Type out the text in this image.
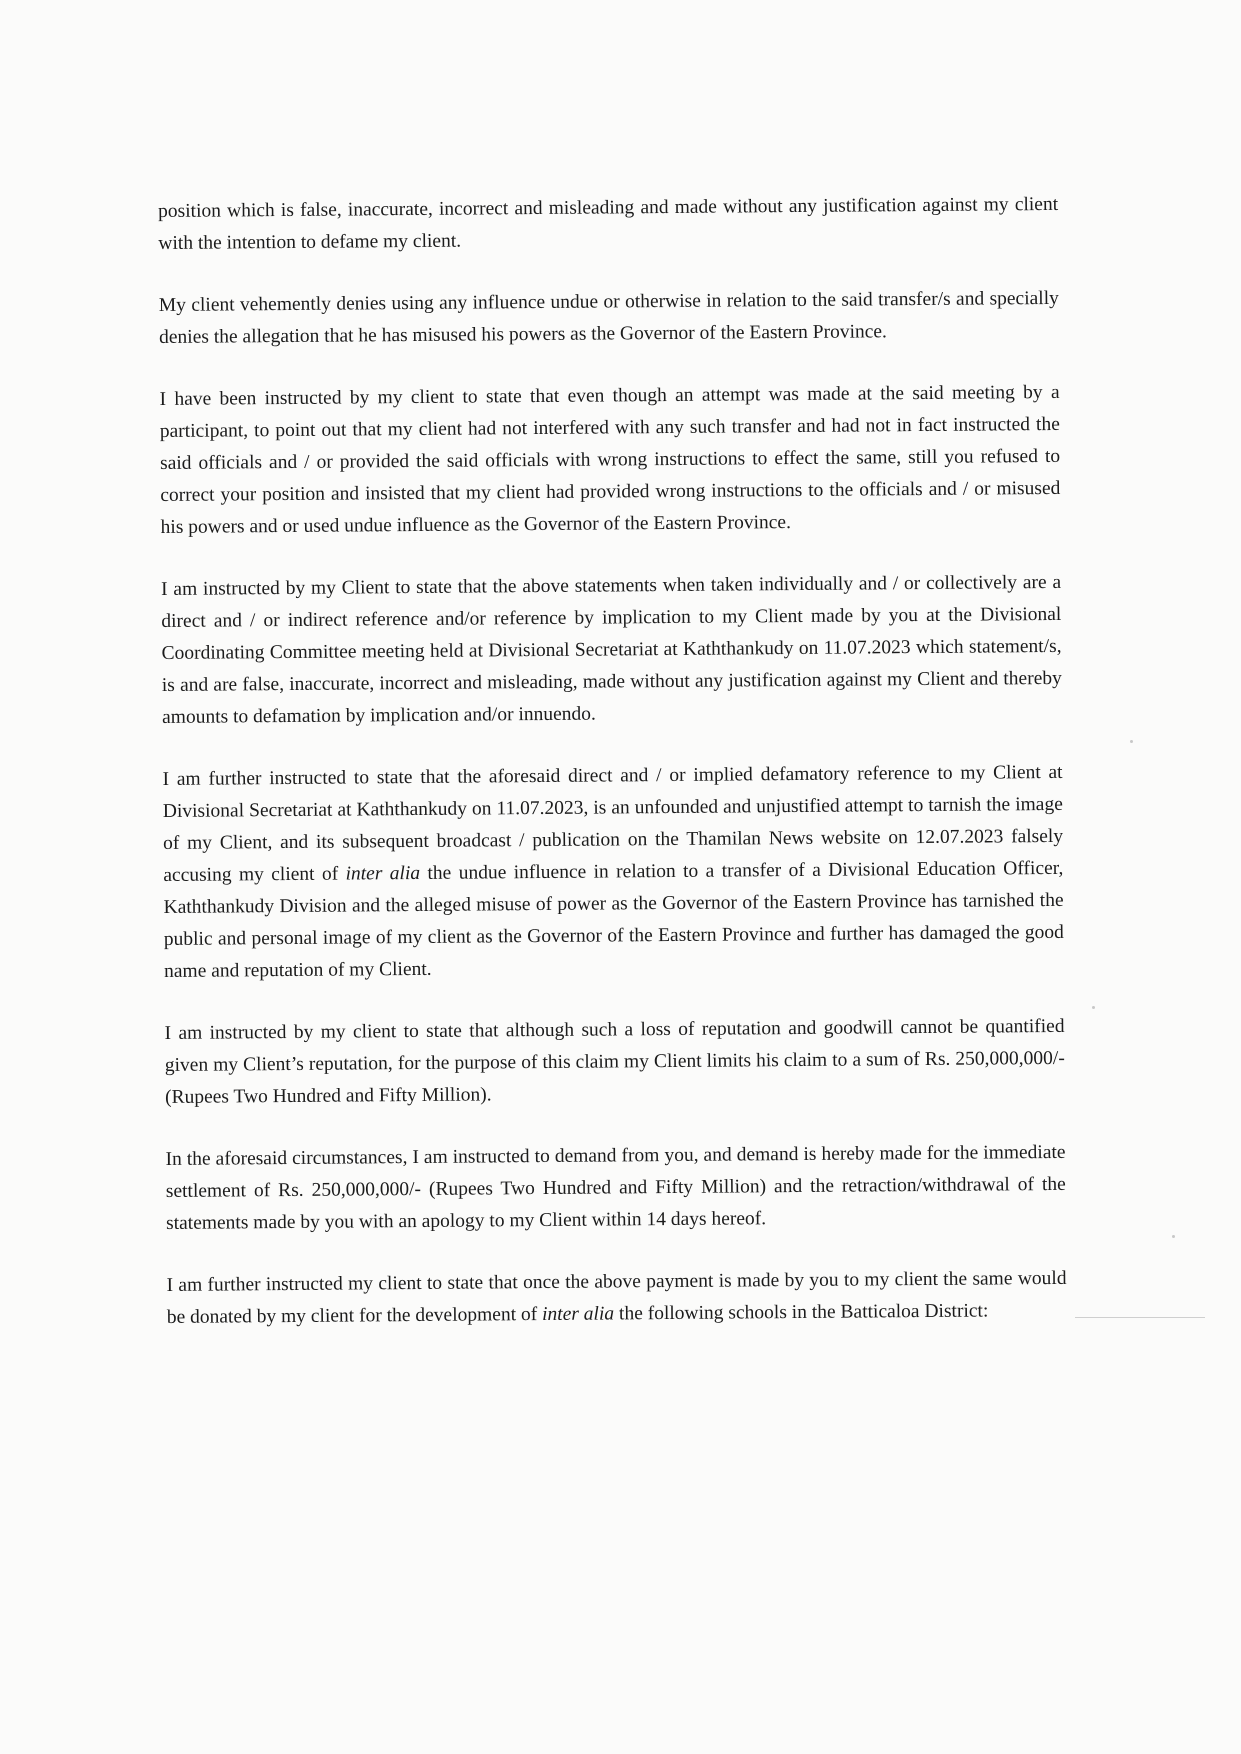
position which is false, inaccurate, incorrect and misleading and made without any justification against my client with the intention to defame my client.

My client vehemently denies using any influence undue or otherwise in relation to the said transfer/s and specially denies the allegation that he has misused his powers as the Governor of the Eastern Province.

I have been instructed by my client to state that even though an attempt was made at the said meeting by a participant, to point out that my client had not interfered with any such transfer and had not in fact instructed the said officials and / or provided the said officials with wrong instructions to effect the same, still you refused to correct your position and insisted that my client had provided wrong instructions to the officials and / or misused his powers and or used undue influence as the Governor of the Eastern Province.

I am instructed by my Client to state that the above statements when taken individually and / or collectively are a direct and / or indirect reference and/or reference by implication to my Client made by you at the Divisional Coordinating Committee meeting held at Divisional Secretariat at Kaththankudy on 11.07.2023 which statement/s, is and are false, inaccurate, incorrect and misleading, made without any justification against my Client and thereby amounts to defamation by implication and/or innuendo.

I am further instructed to state that the aforesaid direct and / or implied defamatory reference to my Client at Divisional Secretariat at Kaththankudy on 11.07.2023, is an unfounded and unjustified attempt to tarnish the image of my Client, and its subsequent broadcast / publication on the Thamilan News website on 12.07.2023 falsely accusing my client of inter alia the undue influence in relation to a transfer of a Divisional Education Officer, Kaththankudy Division and the alleged misuse of power as the Governor of the Eastern Province has tarnished the public and personal image of my client as the Governor of the Eastern Province and further has damaged the good name and reputation of my Client.

I am instructed by my client to state that although such a loss of reputation and goodwill cannot be quantified given my Client’s reputation, for the purpose of this claim my Client limits his claim to a sum of Rs. 250,000,000/- (Rupees Two Hundred and Fifty Million).

In the aforesaid circumstances, I am instructed to demand from you, and demand is hereby made for the immediate settlement of Rs. 250,000,000/- (Rupees Two Hundred and Fifty Million) and the retraction/withdrawal of the statements made by you with an apology to my Client within 14 days hereof.

I am further instructed my client to state that once the above payment is made by you to my client the same would be donated by my client for the development of inter alia the following schools in the Batticaloa District:
